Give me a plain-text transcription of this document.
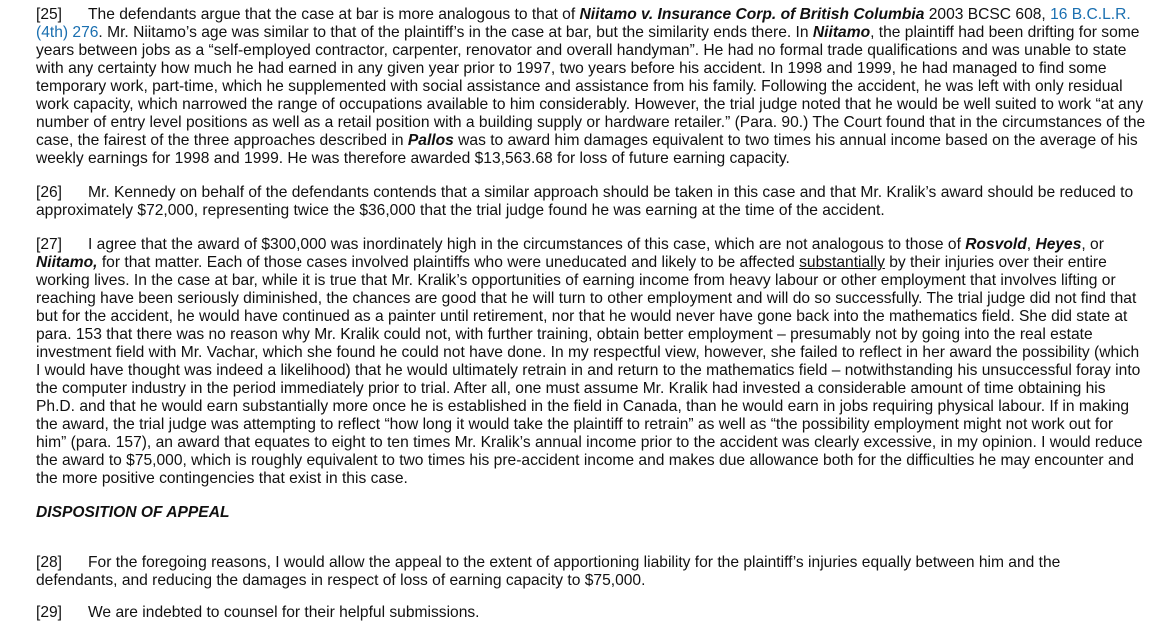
[25] The defendants argue that the case at bar is more analogous to that of Niitamo v. Insurance Corp. of British Columbia 2003 BCSC 608, 16 B.C.L.R. (4th) 276. Mr. Niitamo’s age was similar to that of the plaintiff’s in the case at bar, but the similarity ends there. In Niitamo, the plaintiff had been drifting for some years between jobs as a “self-employed contractor, carpenter, renovator and overall handyman”. He had no formal trade qualifications and was unable to state with any certainty how much he had earned in any given year prior to 1997, two years before his accident. In 1998 and 1999, he had managed to find some temporary work, part-time, which he supplemented with social assistance and assistance from his family. Following the accident, he was left with only residual work capacity, which narrowed the range of occupations available to him considerably. However, the trial judge noted that he would be well suited to work “at any number of entry level positions as well as a retail position with a building supply or hardware retailer.” (Para. 90.) The Court found that in the circumstances of the case, the fairest of the three approaches described in Pallos was to award him damages equivalent to two times his annual income based on the average of his weekly earnings for 1998 and 1999. He was therefore awarded $13,563.68 for loss of future earning capacity.

[26] Mr. Kennedy on behalf of the defendants contends that a similar approach should be taken in this case and that Mr. Kralik’s award should be reduced to approximately $72,000, representing twice the $36,000 that the trial judge found he was earning at the time of the accident.

[27] I agree that the award of $300,000 was inordinately high in the circumstances of this case, which are not analogous to those of Rosvold, Heyes, or Niitamo, for that matter. Each of those cases involved plaintiffs who were uneducated and likely to be affected substantially by their injuries over their entire working lives. In the case at bar, while it is true that Mr. Kralik’s opportunities of earning income from heavy labour or other employment that involves lifting or reaching have been seriously diminished, the chances are good that he will turn to other employment and will do so successfully. The trial judge did not find that but for the accident, he would have continued as a painter until retirement, nor that he would never have gone back into the mathematics field. She did state at para. 153 that there was no reason why Mr. Kralik could not, with further training, obtain better employment – presumably not by going into the real estate investment field with Mr. Vachar, which she found he could not have done. In my respectful view, however, she failed to reflect in her award the possibility (which I would have thought was indeed a likelihood) that he would ultimately retrain in and return to the mathematics field – notwithstanding his unsuccessful foray into the computer industry in the period immediately prior to trial. After all, one must assume Mr. Kralik had invested a considerable amount of time obtaining his Ph.D. and that he would earn substantially more once he is established in the field in Canada, than he would earn in jobs requiring physical labour. If in making the award, the trial judge was attempting to reflect “how long it would take the plaintiff to retrain” as well as “the possibility employment might not work out for him” (para. 157), an award that equates to eight to ten times Mr. Kralik’s annual income prior to the accident was clearly excessive, in my opinion. I would reduce the award to $75,000, which is roughly equivalent to two times his pre-accident income and makes due allowance both for the difficulties he may encounter and the more positive contingencies that exist in this case.

DISPOSITION OF APPEAL

[28] For the foregoing reasons, I would allow the appeal to the extent of apportioning liability for the plaintiff’s injuries equally between him and the defendants, and reducing the damages in respect of loss of earning capacity to $75,000.

[29] We are indebted to counsel for their helpful submissions.
